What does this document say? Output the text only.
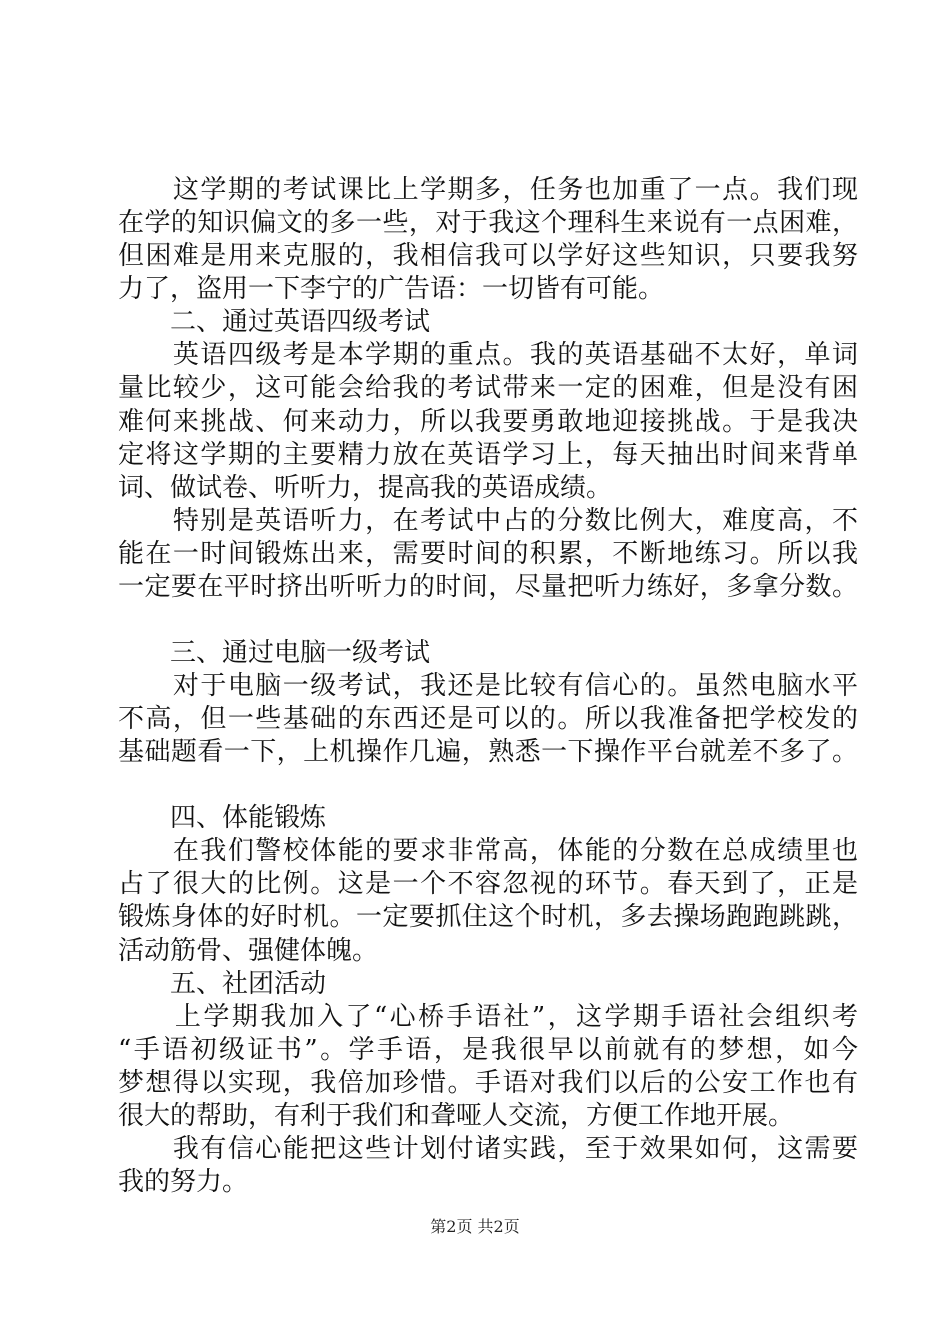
　　这学期的考试课比上学期多，任务也加重了一点。我们现
在学的知识偏文的多一些，对于我这个理科生来说有一点困难，
但困难是用来克服的，我相信我可以学好这些知识，只要我努
力了，盗用一下李宁的广告语：一切皆有可能。
　　二、通过英语四级考试
　　英语四级考是本学期的重点。我的英语基础不太好，单词
量比较少，这可能会给我的考试带来一定的困难，但是没有困
难何来挑战、何来动力，所以我要勇敢地迎接挑战。于是我决
定将这学期的主要精力放在英语学习上，每天抽出时间来背单
词、做试卷、听听力，提高我的英语成绩。
　　特别是英语听力，在考试中占的分数比例大，难度高，不
能在一时间锻炼出来，需要时间的积累，不断地练习。所以我
一定要在平时挤出听听力的时间，尽量把听力练好，多拿分数。
　　三、通过电脑一级考试
　　对于电脑一级考试，我还是比较有信心的。虽然电脑水平
不高，但一些基础的东西还是可以的。所以我准备把学校发的
基础题看一下，上机操作几遍，熟悉一下操作平台就差不多了。
　　四、体能锻炼
　　在我们警校体能的要求非常高，体能的分数在总成绩里也
占了很大的比例。这是一个不容忽视的环节。春天到了，正是
锻炼身体的好时机。一定要抓住这个时机，多去操场跑跑跳跳，
活动筋骨、强健体魄。
　　五、社团活动
　　上学期我加入了“心桥手语社”，这学期手语社会组织考
“手语初级证书”。学手语，是我很早以前就有的梦想，如今
梦想得以实现，我倍加珍惜。手语对我们以后的公安工作也有
很大的帮助，有利于我们和聋哑人交流，方便工作地开展。
　　我有信心能把这些计划付诸实践，至于效果如何，这需要
我的努力。
第2页 共2页
